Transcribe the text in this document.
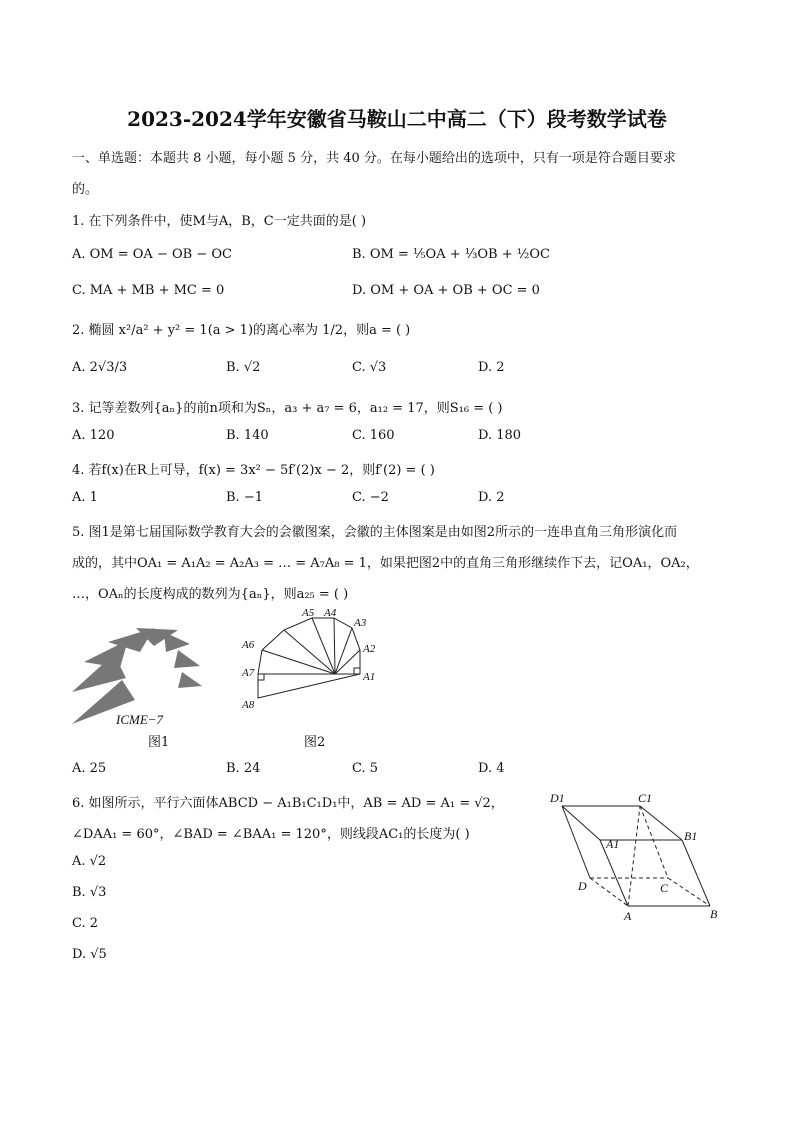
2023-2024学年安徽省马鞍山二中高二（下）段考数学试卷
一、单选题：本题共 8 小题，每小题 5 分，共 40 分。在每小题给出的选项中，只有一项是符合题目要求
的。
1. 在下列条件中，使M与A，B，C一定共面的是( )
A. OM = OA − OB − OC	B. OM = ⅕OA + ⅓OB + ½OC
C. MA + MB + MC = 0	D. OM + OA + OB + OC = 0
2. 椭圆 x²/a² + y² = 1(a > 1)的离心率为 1/2，则a = ( )
A. 2√3/3	B. √2	C. √3	D. 2
3. 记等差数列{aₙ}的前n项和为Sₙ，a₃ + a₇ = 6，a₁₂ = 17，则S₁₆ = ( )
A. 120	B. 140	C. 160	D. 180
4. 若f(x)在R上可导，f(x) = 3x² − 5f′(2)x − 2，则f′(2) = ( )
A. 1	B. −1	C. −2	D. 2
5. 图1是第七届国际数学教育大会的会徽图案，会徽的主体图案是由如图2所示的一连串直角三角形演化而
成的，其中OA₁ = A₁A₂ = A₂A₃ = … = A₇A₈ = 1，如果把图2中的直角三角形继续作下去，记OA₁，OA₂，
…，OAₙ的长度构成的数列为{aₙ}，则a₂₅ = ( )
ICME−7
图1
A1
A2
A3
A4
A5
A6
A7
A8
图2
A. 25	B. 24	C. 5	D. 4
6. 如图所示，平行六面体ABCD − A₁B₁C₁D₁中，AB = AD = A₁ = √2，
∠DAA₁ = 60°，∠BAD = ∠BAA₁ = 120°，则线段AC₁的长度为( )
A. √2
B. √3
C. 2
D. √5
D1	C1
B1
A1
D	C
A	B
